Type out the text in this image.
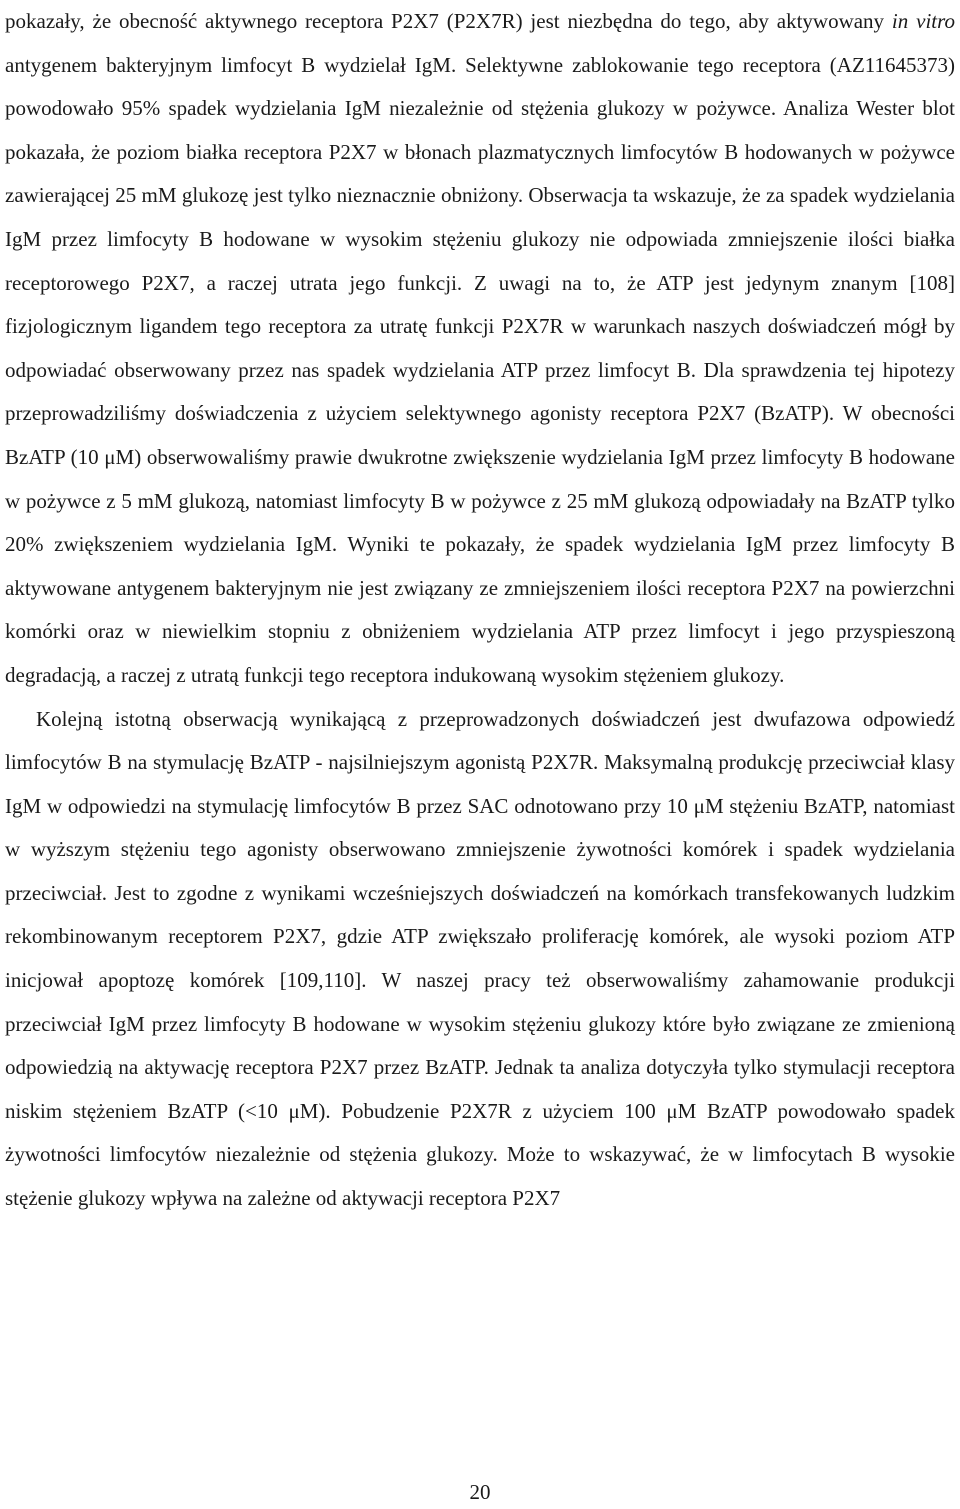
pokazały, że obecność aktywnego receptora P2X7 (P2X7R) jest niezbędna do tego, aby aktywowany in vitro antygenem bakteryjnym limfocyt B wydzielał IgM. Selektywne zablokowanie tego receptora (AZ11645373) powodowało 95% spadek wydzielania IgM niezależnie od stężenia glukozy w pożywce. Analiza Wester blot pokazała, że poziom białka receptora P2X7 w błonach plazmatycznych limfocytów B hodowanych w pożywce zawierającej 25 mM glukozę jest tylko nieznacznie obniżony. Obserwacja ta wskazuje, że za spadek wydzielania IgM przez limfocyty B hodowane w wysokim stężeniu glukozy nie odpowiada zmniejszenie ilości białka receptorowego P2X7, a raczej utrata jego funkcji. Z uwagi na to, że ATP jest jedynym znanym [108] fizjologicznym ligandem tego receptora za utratę funkcji P2X7R w warunkach naszych doświadczeń mógł by odpowiadać obserwowany przez nas spadek wydzielania ATP przez limfocyt B. Dla sprawdzenia tej hipotezy przeprowadziliśmy doświadczenia z użyciem selektywnego agonisty receptora P2X7 (BzATP). W obecności BzATP (10 μM) obserwowaliśmy prawie dwukrotne zwiększenie wydzielania IgM przez limfocyty B hodowane w pożywce z 5 mM glukozą, natomiast limfocyty B w pożywce z 25 mM glukozą odpowiadały na BzATP tylko 20% zwiększeniem wydzielania IgM. Wyniki te pokazały, że spadek wydzielania IgM przez limfocyty B aktywowane antygenem bakteryjnym nie jest związany ze zmniejszeniem ilości receptora P2X7 na powierzchni komórki oraz w niewielkim stopniu z obniżeniem wydzielania ATP przez limfocyt i jego przyspieszoną degradacją, a raczej z utratą funkcji tego receptora indukowaną wysokim stężeniem glukozy.

Kolejną istotną obserwacją wynikającą z przeprowadzonych doświadczeń jest dwufazowa odpowiedź limfocytów B na stymulację BzATP - najsilniejszym agonistą P2X7R. Maksymalną produkcję przeciwciał klasy IgM w odpowiedzi na stymulację limfocytów B przez SAC odnotowano przy 10 μM stężeniu BzATP, natomiast w wyższym stężeniu tego agonisty obserwowano zmniejszenie żywotności komórek i spadek wydzielania przeciwciał. Jest to zgodne z wynikami wcześniejszych doświadczeń na komórkach transfekowanych ludzkim rekombinowanym receptorem P2X7, gdzie ATP zwiększało proliferację komórek, ale wysoki poziom ATP inicjował apoptozę komórek [109,110]. W naszej pracy też obserwowaliśmy zahamowanie produkcji przeciwciał IgM przez limfocyty B hodowane w wysokim stężeniu glukozy które było związane ze zmienioną odpowiedzią na aktywację receptora P2X7 przez BzATP. Jednak ta analiza dotyczyła tylko stymulacji receptora niskim stężeniem BzATP (<10 μM). Pobudzenie P2X7R z użyciem 100 μM BzATP powodowało spadek żywotności limfocytów niezależnie od stężenia glukozy. Może to wskazywać, że w limfocytach B wysokie stężenie glukozy wpływa na zależne od aktywacji receptora P2X7

20
